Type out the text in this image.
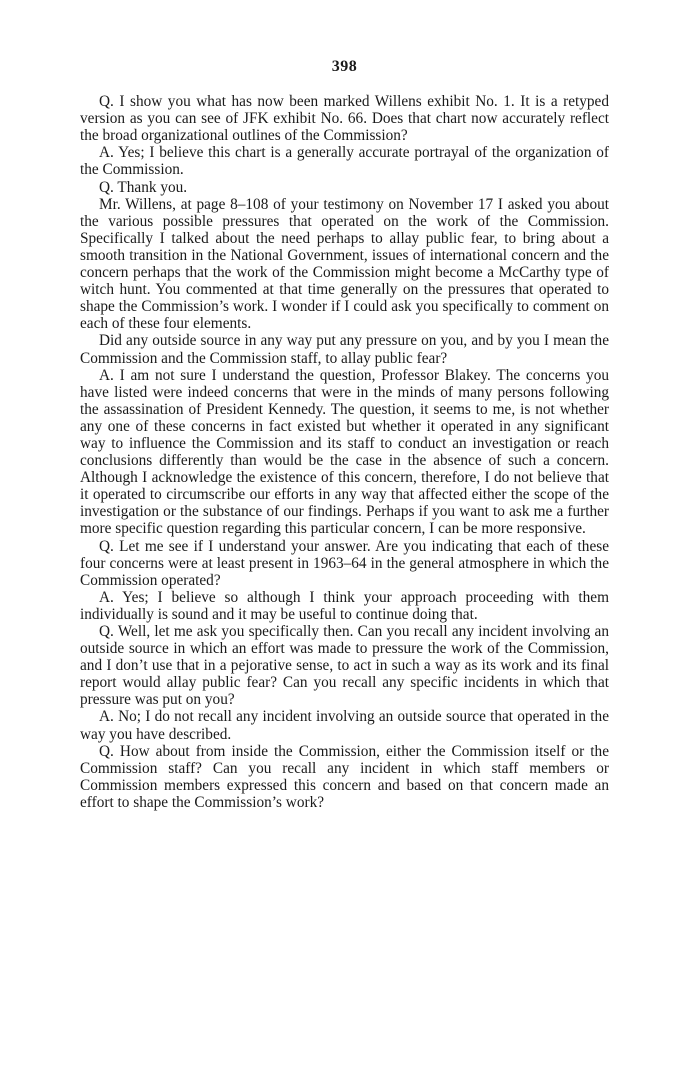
398

Q. I show you what has now been marked Willens exhibit No. 1. It is a retyped version as you can see of JFK exhibit No. 66. Does that chart now accurately reflect the broad organizational outlines of the Commission?

A. Yes; I believe this chart is a generally accurate portrayal of the organization of the Commission.

Q. Thank you.

Mr. Willens, at page 8–108 of your testimony on November 17 I asked you about the various possible pressures that operated on the work of the Commission. Specifically I talked about the need perhaps to allay public fear, to bring about a smooth transition in the National Government, issues of international concern and the concern perhaps that the work of the Commission might become a McCarthy type of witch hunt. You commented at that time generally on the pressures that operated to shape the Commission’s work. I wonder if I could ask you specifically to comment on each of these four elements.

Did any outside source in any way put any pressure on you, and by you I mean the Commission and the Commission staff, to allay public fear?

A. I am not sure I understand the question, Professor Blakey. The concerns you have listed were indeed concerns that were in the minds of many persons following the assassination of President Kennedy. The question, it seems to me, is not whether any one of these concerns in fact existed but whether it operated in any significant way to influence the Commission and its staff to conduct an investigation or reach conclusions differently than would be the case in the absence of such a concern. Although I acknowledge the existence of this concern, therefore, I do not believe that it operated to circumscribe our efforts in any way that affected either the scope of the investigation or the substance of our findings. Perhaps if you want to ask me a further more specific question regarding this particular concern, I can be more responsive.

Q. Let me see if I understand your answer. Are you indicating that each of these four concerns were at least present in 1963–64 in the general atmosphere in which the Commission operated?

A. Yes; I believe so although I think your approach proceeding with them individually is sound and it may be useful to continue doing that.

Q. Well, let me ask you specifically then. Can you recall any incident involving an outside source in which an effort was made to pressure the work of the Commission, and I don’t use that in a pejorative sense, to act in such a way as its work and its final report would allay public fear? Can you recall any specific incidents in which that pressure was put on you?

A. No; I do not recall any incident involving an outside source that operated in the way you have described.

Q. How about from inside the Commission, either the Commission itself or the Commission staff? Can you recall any incident in which staff members or Commission members expressed this concern and based on that concern made an effort to shape the Commission’s work?
